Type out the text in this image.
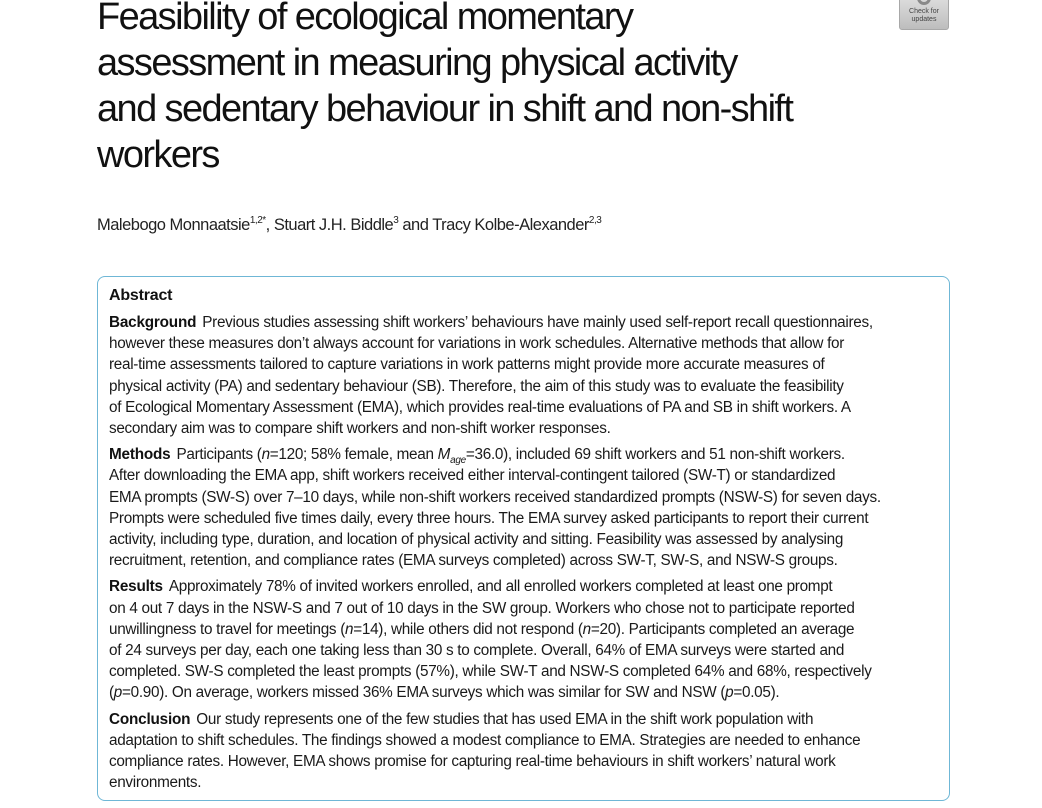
Feasibility of ecological momentary
assessment in measuring physical activity
and sedentary behaviour in shift and non-shift
workers
Check for
updates
Malebogo Monnaatsie$^{1,2*}$, Stuart J.H. Biddle$^3$ and Tracy Kolbe-Alexander$^{2,3}$
Abstract
Background Previous studies assessing shift workers’ behaviours have mainly used self-report recall questionnaires,
however these measures don’t always account for variations in work schedules. Alternative methods that allow for
real-time assessments tailored to capture variations in work patterns might provide more accurate measures of
physical activity (PA) and sedentary behaviour (SB). Therefore, the aim of this study was to evaluate the feasibility
of Ecological Momentary Assessment (EMA), which provides real-time evaluations of PA and SB in shift workers. A
secondary aim was to compare shift workers and non-shift worker responses.
Methods Participants (n=120; 58% female, mean $M_{age}=36.0$), included 69 shift workers and 51 non-shift workers.
After downloading the EMA app, shift workers received either interval-contingent tailored (SW-T) or standardized
EMA prompts (SW-S) over 7–10 days, while non-shift workers received standardized prompts (NSW-S) for seven days.
Prompts were scheduled five times daily, every three hours. The EMA survey asked participants to report their current
activity, including type, duration, and location of physical activity and sitting. Feasibility was assessed by analysing
recruitment, retention, and compliance rates (EMA surveys completed) across SW-T, SW-S, and NSW-S groups.
Results Approximately 78% of invited workers enrolled, and all enrolled workers completed at least one prompt
on 4 out 7 days in the NSW-S and 7 out of 10 days in the SW group. Workers who chose not to participate reported
unwillingness to travel for meetings (n=14), while others did not respond (n=20). Participants completed an average
of 24 surveys per day, each one taking less than 30 s to complete. Overall, 64% of EMA surveys were started and
completed. SW-S completed the least prompts (57%), while SW-T and NSW-S completed 64% and 68%, respectively
(p=0.90). On average, workers missed 36% EMA surveys which was similar for SW and NSW (p=0.05).
Conclusion Our study represents one of the few studies that has used EMA in the shift work population with
adaptation to shift schedules. The findings showed a modest compliance to EMA. Strategies are needed to enhance
compliance rates. However, EMA shows promise for capturing real-time behaviours in shift workers’ natural work
environments.
